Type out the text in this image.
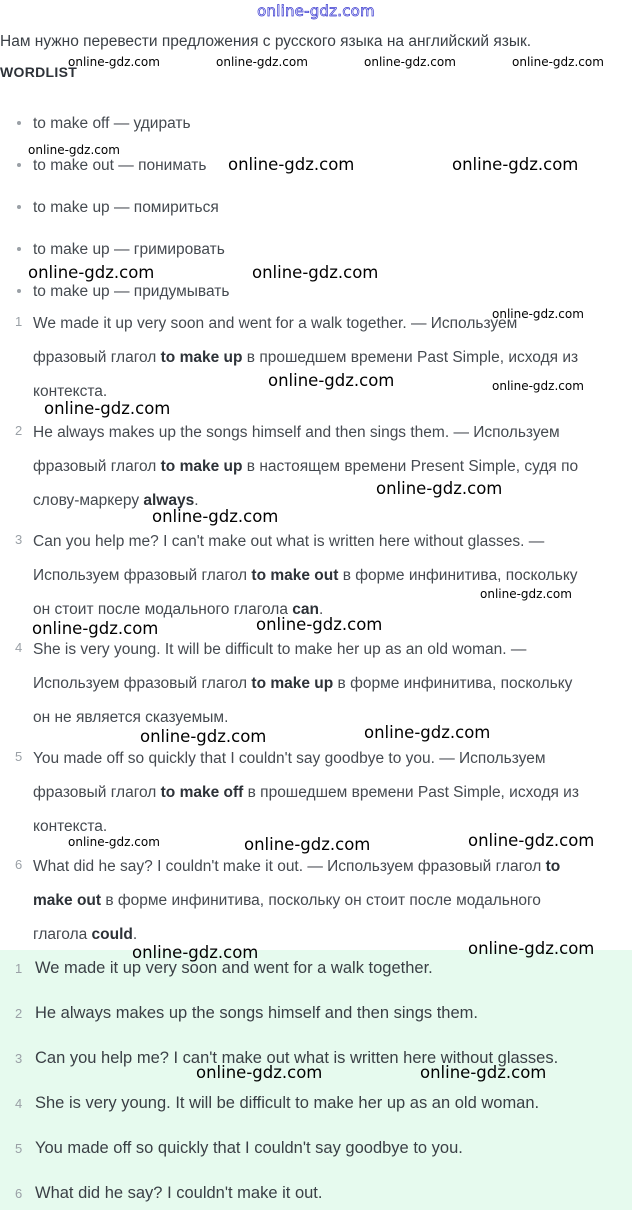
online-gdz.com
Нам нужно перевести предложения с русского языка на английский язык.
WORDLIST
to make off — удирать
to make out — понимать
to make up — помириться
to make up — гримировать
to make up — придумывать
1 We made it up very soon and went for a walk together. — Используем
фразовый глагол to make up в прошедшем времени Past Simple, исходя из
контекста.
2 He always makes up the songs himself and then sings them. — Используем
фразовый глагол to make up в настоящем времени Present Simple, судя по
слову-маркеру always.
3 Can you help me? I can't make out what is written here without glasses. —
Используем фразовый глагол to make out в форме инфинитива, поскольку
он стоит после модального глагола can.
4 She is very young. It will be difficult to make her up as an old woman. —
Используем фразовый глагол to make up в форме инфинитива, поскольку
он не является сказуемым.
5 You made off so quickly that I couldn't say goodbye to you. — Используем
фразовый глагол to make off в прошедшем времени Past Simple, исходя из
контекста.
6 What did he say? I couldn't make it out. — Используем фразовый глагол to
make out в форме инфинитива, поскольку он стоит после модального
глагола could.
1 We made it up very soon and went for a walk together.
2 He always makes up the songs himself and then sings them.
3 Can you help me? I can't make out what is written here without glasses.
4 She is very young. It will be difficult to make her up as an old woman.
5 You made off so quickly that I couldn't say goodbye to you.
6 What did he say? I couldn't make it out.
online-gdz.com	online-gdz.com	online-gdz.com	online-gdz.com
online-gdz.com
online-gdz.com	online-gdz.com
online-gdz.com	online-gdz.com
online-gdz.com
online-gdz.com	online-gdz.com
online-gdz.com
online-gdz.com
online-gdz.com
online-gdz.com
online-gdz.com
online-gdz.com
online-gdz.com
online-gdz.com
online-gdz.com
online-gdz.com	online-gdz.com
online-gdz.com
online-gdz.com
online-gdz.com	online-gdz.com
